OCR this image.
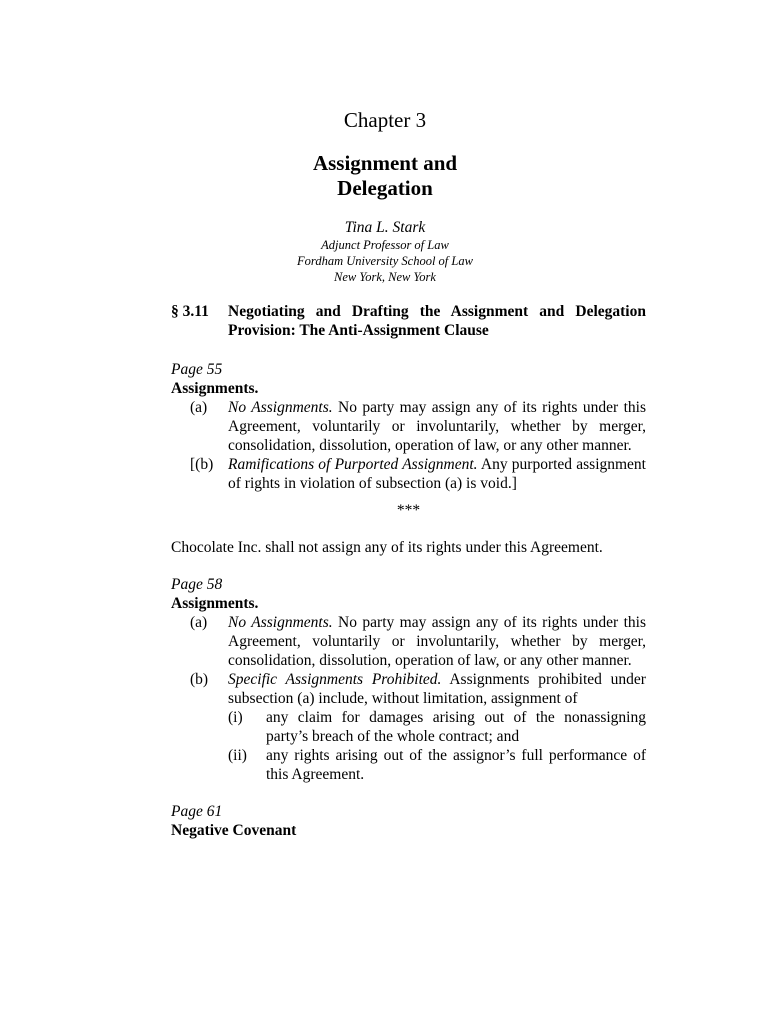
Chapter 3
Assignment and
Delegation
Tina L. Stark
Adjunct Professor of Law
Fordham University School of Law
New York, New York
§ 3.11	Negotiating and Drafting the Assignment and Delegation Provision: The Anti-Assignment Clause
Page 55
Assignments.
(a)	No Assignments. No party may assign any of its rights under this Agreement, voluntarily or involuntarily, whether by merger, consolidation, dissolution, operation of law, or any other manner.
[(b) Ramifications of Purported Assignment. Any purported assignment of rights in violation of subsection (a) is void.]
***
Chocolate Inc. shall not assign any of its rights under this Agreement.
Page 58
Assignments.
(a)	No Assignments. No party may assign any of its rights under this Agreement, voluntarily or involuntarily, whether by merger, consolidation, dissolution, operation of law, or any other manner.
(b)	Specific Assignments Prohibited. Assignments prohibited under subsection (a) include, without limitation, assignment of
(i)	any claim for damages arising out of the nonassigning party’s breach of the whole contract; and
(ii)	any rights arising out of the assignor’s full performance of this Agreement.
Page 61
Negative Covenant
